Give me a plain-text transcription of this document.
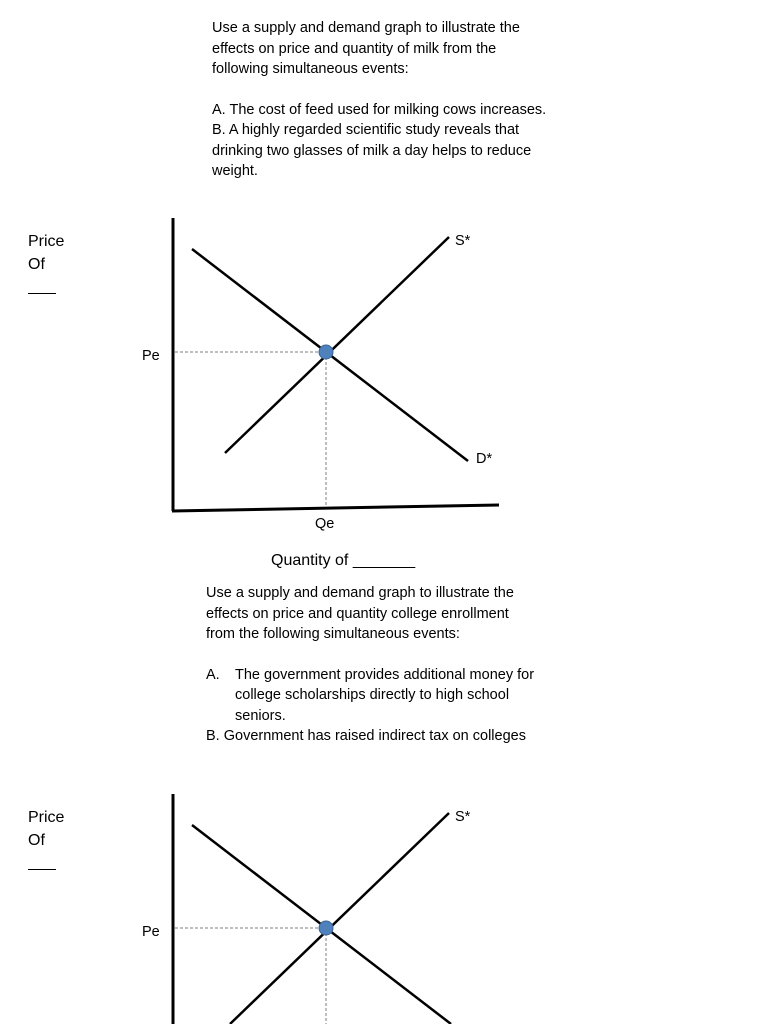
Use a supply and demand graph to illustrate the

effects on price and quantity of milk from the

following simultaneous events:

A. The cost of feed used for milking cows increases.

B. A highly regarded scientific study reveals that

drinking two glasses of milk a day helps to reduce

weight.

Price
Of
Pe
S*
D*
Qe
Quantity of _______

Use a supply and demand graph to illustrate the

effects on price and quantity college enrollment

from the following simultaneous events:

A.	The government provides additional money for

college scholarships directly to high school

seniors.

B. Government has raised indirect tax on colleges

Price
Of
Pe
S*
